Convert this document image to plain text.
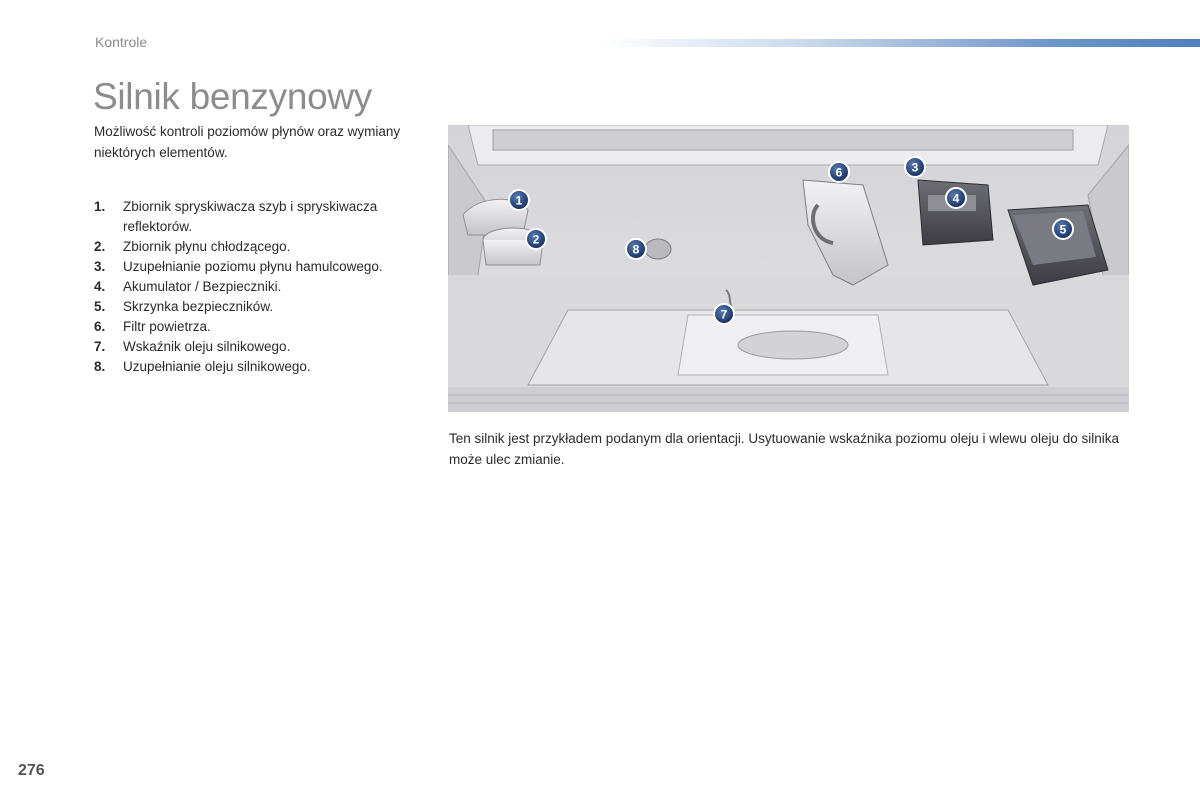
Kontrole
Silnik benzynowy

Możliwość kontroli poziomów płynów oraz wymiany niektórych elementów.

1.	Zbiornik spryskiwacza szyb i spryskiwacza reflektorów.
2.	Zbiornik płynu chłodzącego.
3.	Uzupełnianie poziomu płynu hamulcowego.
4.	Akumulator / Bezpieczniki.
5.	Skrzynka bezpieczników.
6.	Filtr powietrza.
7.	Wskaźnik oleju silnikowego.
8.	Uzupełnianie oleju silnikowego.
1
2
3
4
5
6
7
8

Ten silnik jest przykładem podanym dla orientacji. Usytuowanie wskaźnika poziomu oleju i wlewu oleju do silnika może ulec zmianie.

276
